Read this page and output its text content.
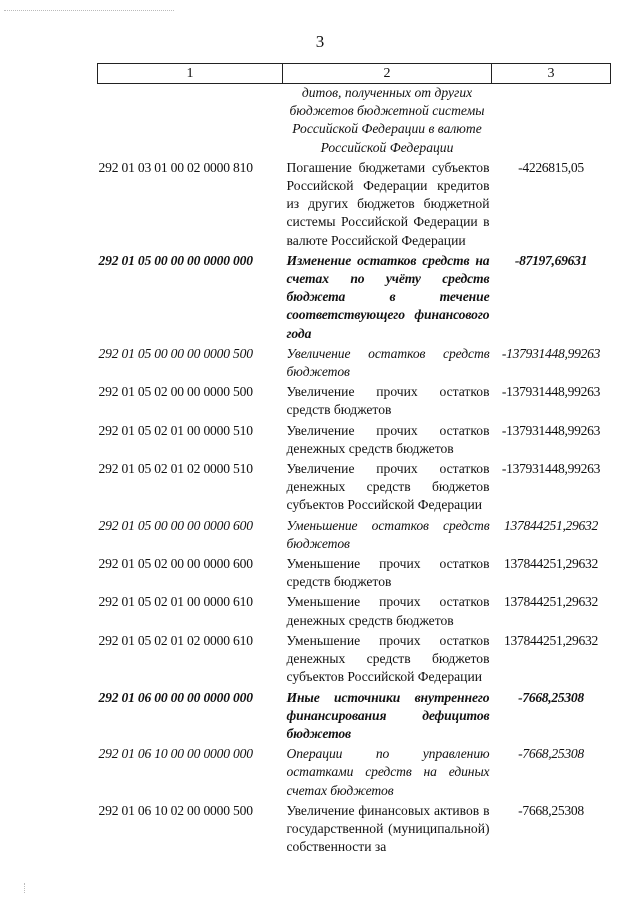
3
1	2	3
	дитов, полученных от других бюджетов бюджетной системы Российской Федерации в валюте Российской Федерации	
292 01 03 01 00 02 0000 810	Погашение бюджетами субъектов Российской Федерации кредитов из других бюджетов бюджетной системы Российской Федерации в валюте Российской Федерации	-4226815,05
292 01 05 00 00 00 0000 000	Изменение остатков средств на счетах по учёту средств бюджета в течение соответствующего финансового года	-87197,69631
292 01 05 00 00 00 0000 500	Увеличение остатков средств бюджетов	-137931448,99263
292 01 05 02 00 00 0000 500	Увеличение прочих остатков средств бюджетов	-137931448,99263
292 01 05 02 01 00 0000 510	Увеличение прочих остатков денежных средств бюджетов	-137931448,99263
292 01 05 02 01 02 0000 510	Увеличение прочих остатков денежных средств бюджетов субъектов Российской Федерации	-137931448,99263
292 01 05 00 00 00 0000 600	Уменьшение остатков средств бюджетов	137844251,29632
292 01 05 02 00 00 0000 600	Уменьшение прочих остатков средств бюджетов	137844251,29632
292 01 05 02 01 00 0000 610	Уменьшение прочих остатков денежных средств бюджетов	137844251,29632
292 01 05 02 01 02 0000 610	Уменьшение прочих остатков денежных средств бюджетов субъектов Российской Федерации	137844251,29632
292 01 06 00 00 00 0000 000	Иные источники внутреннего финансирования дефицитов бюджетов	-7668,25308
292 01 06 10 00 00 0000 000	Операции по управлению остатками средств на единых счетах бюджетов	-7668,25308
292 01 06 10 02 00 0000 500	Увеличение финансовых активов в государственной (муниципальной) собственности за	-7668,25308
